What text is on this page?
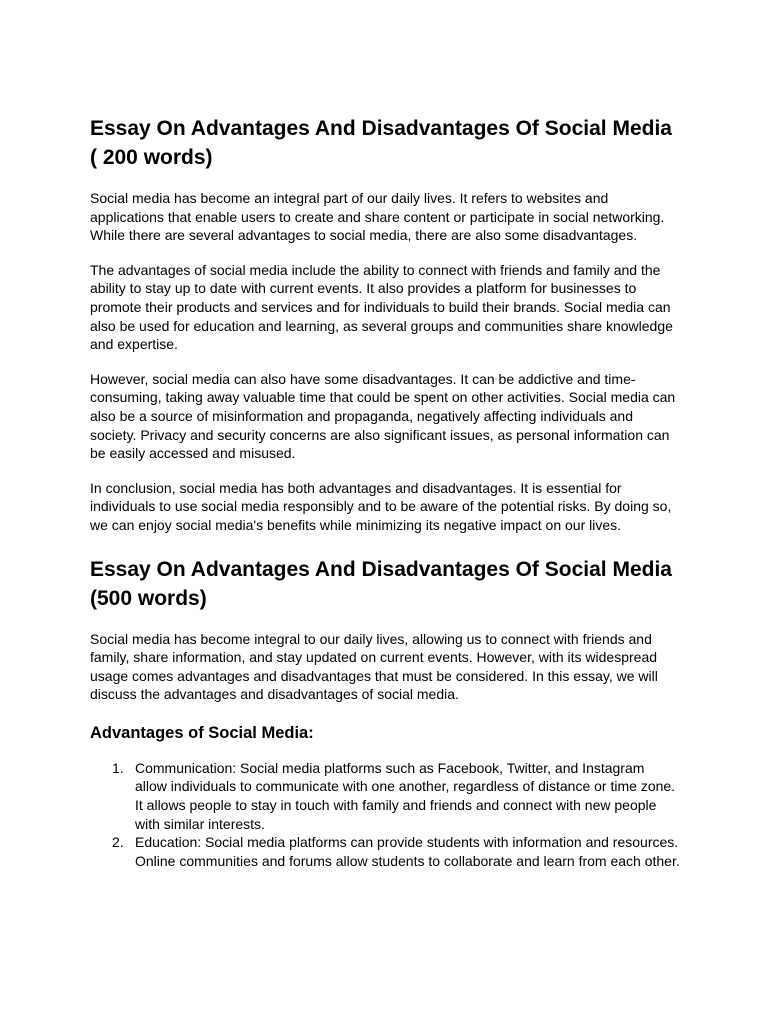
Essay On Advantages And Disadvantages Of Social Media ( 200 words)

Social media has become an integral part of our daily lives. It refers to websites and applications that enable users to create and share content or participate in social networking. While there are several advantages to social media, there are also some disadvantages.

The advantages of social media include the ability to connect with friends and family and the ability to stay up to date with current events. It also provides a platform for businesses to promote their products and services and for individuals to build their brands. Social media can also be used for education and learning, as several groups and communities share knowledge and expertise.

However, social media can also have some disadvantages. It can be addictive and time-consuming, taking away valuable time that could be spent on other activities. Social media can also be a source of misinformation and propaganda, negatively affecting individuals and society. Privacy and security concerns are also significant issues, as personal information can be easily accessed and misused.

In conclusion, social media has both advantages and disadvantages. It is essential for individuals to use social media responsibly and to be aware of the potential risks. By doing so, we can enjoy social media's benefits while minimizing its negative impact on our lives.

Essay On Advantages And Disadvantages Of Social Media (500 words)

Social media has become integral to our daily lives, allowing us to connect with friends and family, share information, and stay updated on current events. However, with its widespread usage comes advantages and disadvantages that must be considered. In this essay, we will discuss the advantages and disadvantages of social media.

Advantages of Social Media:
1. Communication: Social media platforms such as Facebook, Twitter, and Instagram allow individuals to communicate with one another, regardless of distance or time zone. It allows people to stay in touch with family and friends and connect with new people with similar interests.
2. Education: Social media platforms can provide students with information and resources. Online communities and forums allow students to collaborate and learn from each other.
